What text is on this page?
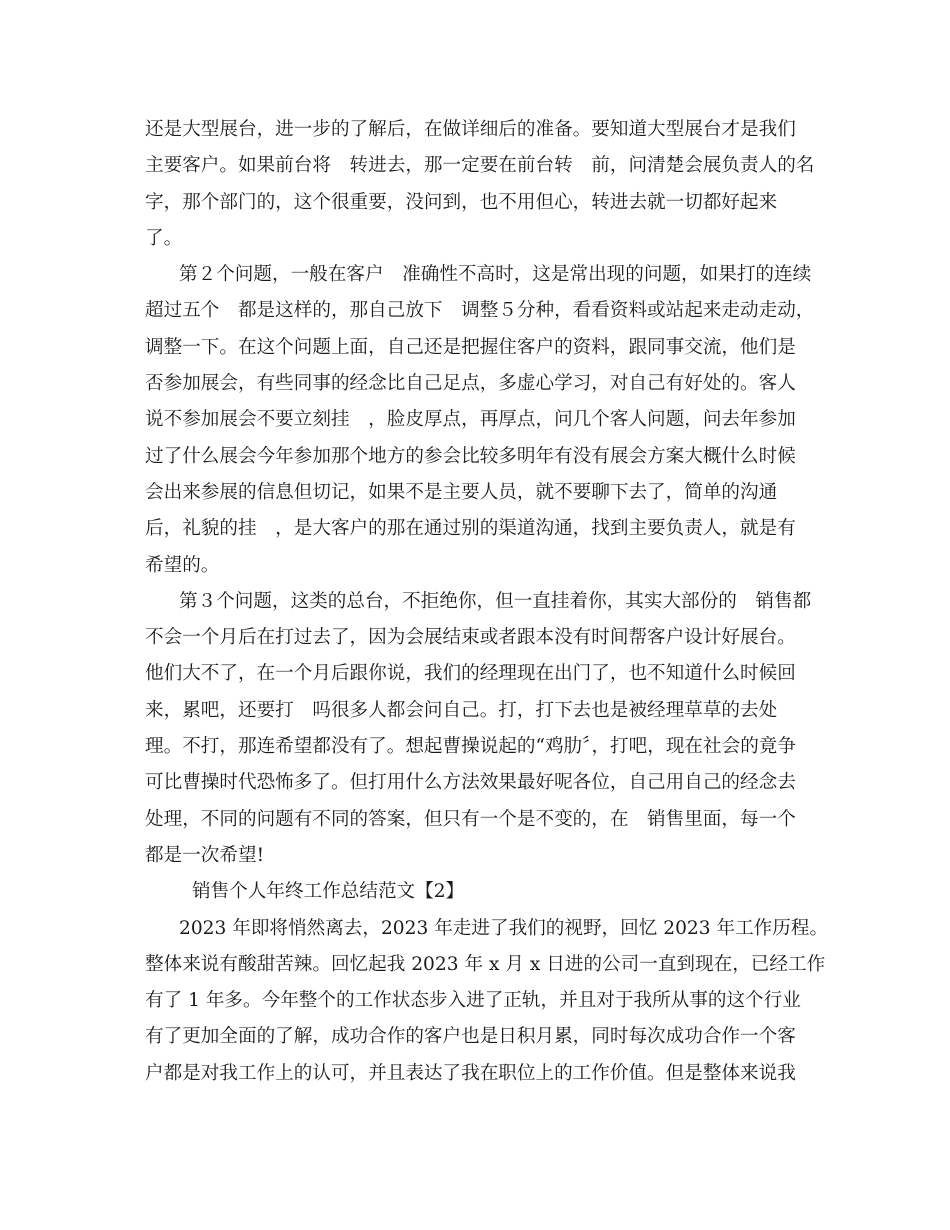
还是大型展台，进一步的了解后，在做详细后的准备。要知道大型展台才是我们
主要客户。如果前台将　转进去，那一定要在前台转　前，问清楚会展负责人的名
字，那个部门的，这个很重要，没问到，也不用但心，转进去就一切都好起来
了。
第２个问题，一般在客户　准确性不高时，这是常出现的问题，如果打的连续
超过五个　都是这样的，那自己放下　调整５分种，看看资料或站起来走动走动，
调整一下。在这个问题上面，自己还是把握住客户的资料，跟同事交流，他们是
否参加展会，有些同事的经念比自己足点，多虚心学习，对自己有好处的。客人
说不参加展会不要立刻挂　，脸皮厚点，再厚点，问几个客人问题，问去年参加
过了什么展会今年参加那个地方的参会比较多明年有没有展会方案大概什么时候
会出来参展的信息但切记，如果不是主要人员，就不要聊下去了，简单的沟通
后，礼貌的挂　，是大客户的那在通过别的渠道沟通，找到主要负责人，就是有
希望的。
第３个问题，这类的总台，不拒绝你，但一直挂着你，其实大部份的　销售都
不会一个月后在打过去了，因为会展结束或者跟本没有时间帮客户设计好展台。
他们大不了，在一个月后跟你说，我们的经理现在出门了，也不知道什么时候回
来，累吧，还要打　吗很多人都会问自己。打，打下去也是被经理草草的去处
理。不打，那连希望都没有了。想起曹操说起的“鸡肋〞，打吧，现在社会的竟争
可比曹操时代恐怖多了。但打用什么方法效果最好呢各位，自己用自己的经念去
处理，不同的问题有不同的答案，但只有一个是不变的，在　销售里面，每一个
都是一次希望!
销售个人年终工作总结范文【2】
2023 年即将悄然离去，2023 年走进了我们的视野，回忆 2023 年工作历程。
整体来说有酸甜苦辣。回忆起我 2023 年 x 月 x 日进的公司一直到现在，已经工作
有了 1 年多。今年整个的工作状态步入进了正轨，并且对于我所从事的这个行业
有了更加全面的了解，成功合作的客户也是日积月累，同时每次成功合作一个客
户都是对我工作上的认可，并且表达了我在职位上的工作价值。但是整体来说我
